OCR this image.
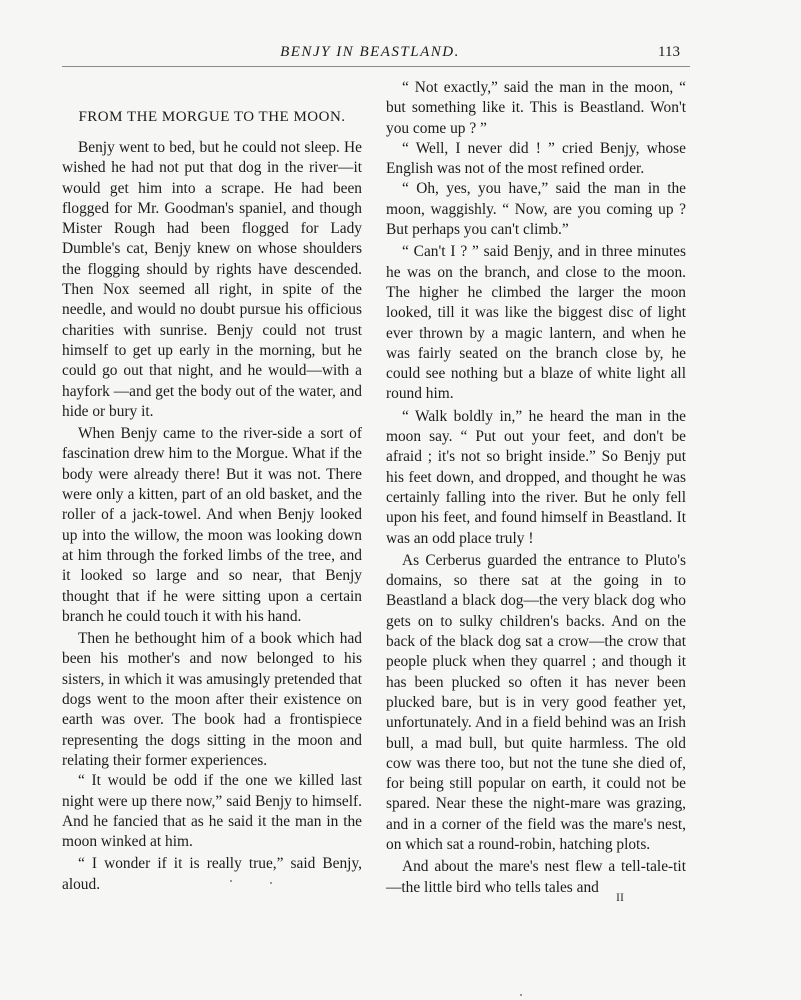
BENJY IN BEASTLAND.	113
FROM THE MORGUE TO THE MOON.

Benjy went to bed, but he could not sleep. He wished he had not put that dog in the river—it would get him into a scrape. He had been flogged for Mr. Goodman's spaniel, and though Mister Rough had been flogged for Lady Dumble's cat, Benjy knew on whose shoulders the flogging should by rights have descended. Then Nox seemed all right, in spite of the needle, and would no doubt pursue his officious charities with sunrise. Benjy could not trust himself to get up early in the morning, but he could go out that night, and he would—with a hayfork —and get the body out of the water, and hide or bury it.

When Benjy came to the river-side a sort of fascination drew him to the Morgue. What if the body were already there! But it was not. There were only a kitten, part of an old basket, and the roller of a jack-towel. And when Benjy looked up into the willow, the moon was looking down at him through the forked limbs of the tree, and it looked so large and so near, that Benjy thought that if he were sitting upon a certain branch he could touch it with his hand.

Then he bethought him of a book which had been his mother's and now belonged to his sisters, in which it was amusingly pretended that dogs went to the moon after their existence on earth was over. The book had a frontispiece representing the dogs sitting in the moon and relating their former experiences.

“ It would be odd if the one we killed last night were up there now,” said Benjy to himself. And he fancied that as he said it the man in the moon winked at him.

“ I wonder if it is really true,” said Benjy, aloud.

“ Not exactly,” said the man in the moon, “ but something like it. This is Beastland. Won't you come up ? ”

“ Well, I never did ! ” cried Benjy, whose English was not of the most refined order.

“ Oh, yes, you have,” said the man in the moon, waggishly. “ Now, are you coming up ? But perhaps you can't climb.”

“ Can't I ? ” said Benjy, and in three minutes he was on the branch, and close to the moon. The higher he climbed the larger the moon looked, till it was like the biggest disc of light ever thrown by a magic lantern, and when he was fairly seated on the branch close by, he could see nothing but a blaze of white light all round him.

“ Walk boldly in,” he heard the man in the moon say. “ Put out your feet, and don't be afraid ; it's not so bright inside.” So Benjy put his feet down, and dropped, and thought he was certainly falling into the river. But he only fell upon his feet, and found himself in Beastland. It was an odd place truly !

As Cerberus guarded the entrance to Pluto's domains, so there sat at the going in to Beastland a black dog—the very black dog who gets on to sulky children's backs. And on the back of the black dog sat a crow—the crow that people pluck when they quarrel ; and though it has been plucked so often it has never been plucked bare, but is in very good feather yet, unfortunately. And in a field behind was an Irish bull, a mad bull, but quite harmless. The old cow was there too, but not the tune she died of, for being still popular on earth, it could not be spared. Near these the night-mare was grazing, and in a corner of the field was the mare's nest, on which sat a round-robin, hatching plots.

And about the mare's nest flew a tell-tale-tit—the little bird who tells tales and

II
